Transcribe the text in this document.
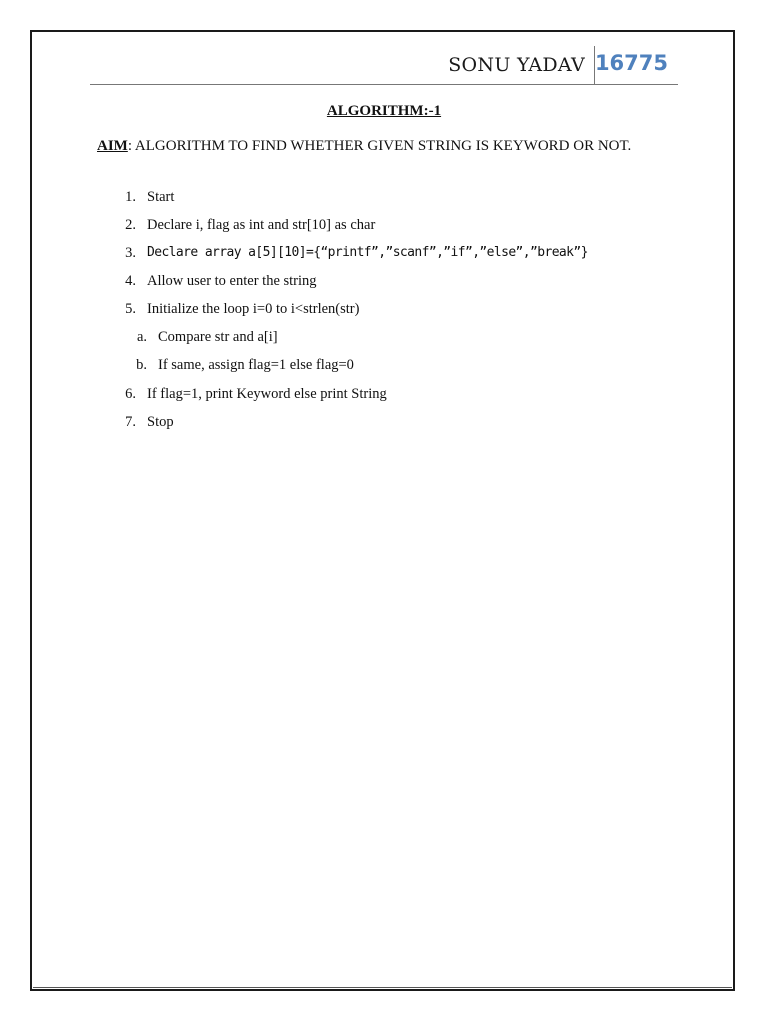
SONU YADAV 16775
ALGORITHM:-1
AIM: ALGORITHM TO FIND WHETHER GIVEN STRING IS KEYWORD OR NOT.
1. Start
2. Declare i, flag as int and str[10] as char
3. Declare array a[5][10]={“printf”,”scanf”,”if”,”else”,”break”}
4. Allow user to enter the string
5. Initialize the loop i=0 to i<strlen(str)
a. Compare str and a[i]
b. If same, assign flag=1 else flag=0
6. If flag=1, print Keyword else print String
7. Stop
